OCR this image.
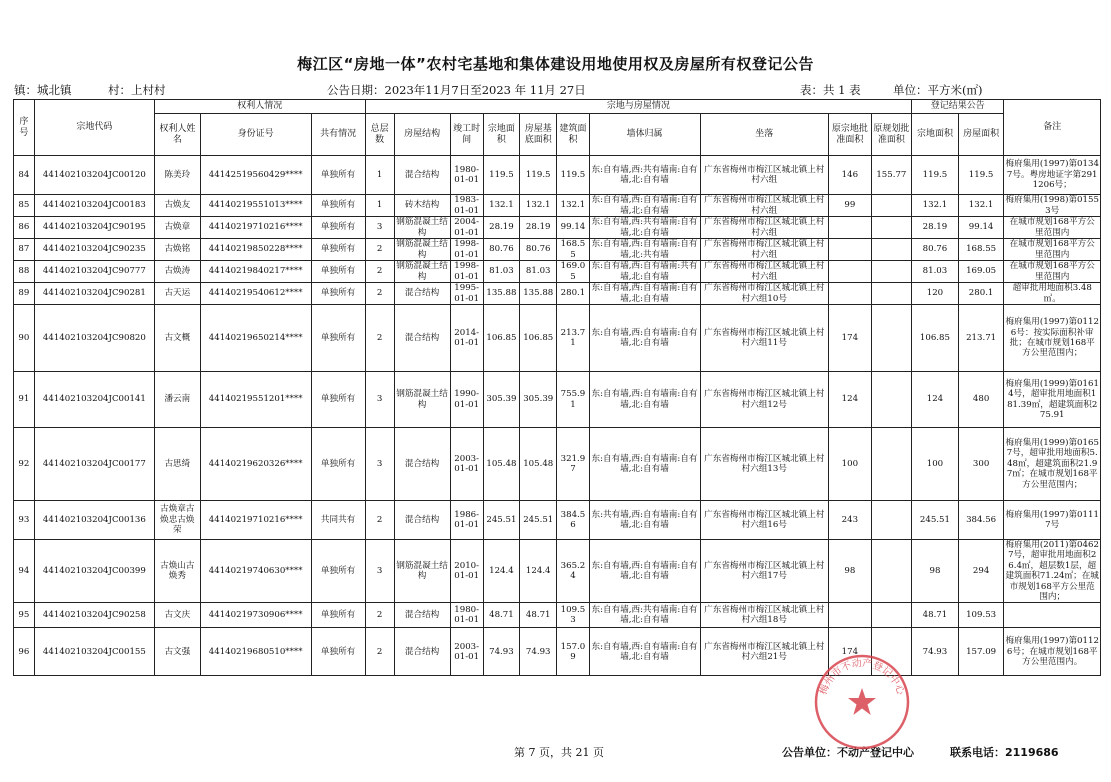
梅江区“房地一体”农村宅基地和集体建设用地使用权及房屋所有权登记公告
镇：城北镇	村：上村村	公告日期：2023年11月7日至2023 年 11月 27日	表：共 1 表	单位：平方米(㎡)
序号	宗地代码	权利人情况			宗地与房屋情况										登记结果公告		备注
		权利人姓名	身份证号	共有情况	总层数	房屋结构	竣工时间	宗地面积	房屋基底面积	建筑面积	墙体归属	坐落	原宗地批准面积	原规划批准面积	宗地面积	房屋面积	
84	441402103204JC00120	陈美玲	44142519560429****	单独所有	1	混合结构	1980-01-01	119.5	119.5	119.5	东:自有墙,西:共有墙南:自有墙,北:自有墙	广东省梅州市梅江区城北镇上村村六组	146	155.77	119.5	119.5	梅府集用(1997)第01347号。粤房地证字第2911206号；
85	441402103204JC00183	古焕友	44140219551013****	单独所有	1	砖木结构	1983-01-01	132.1	132.1	132.1	东:自有墙,西:自有墙南:自有墙,北:自有墙	广东省梅州市梅江区城北镇上村村六组	99		132.1	132.1	梅府集用(1998)第01553号
86	441402103204JC90195	古焕章	44140219710216****	单独所有	3	钢筋混凝土结构	2004-01-01	28.19	28.19	99.14	东:自有墙,西:共有墙南:自有墙,北:自有墙	广东省梅州市梅江区城北镇上村村六组			28.19	99.14	在城市规划168平方公里范围内
87	441402103204JC90235	古焕铭	44140219850228****	单独所有	2	钢筋混凝土结构	1998-01-01	80.76	80.76	168.55	东:自有墙,西:自有墙南:自有墙,北:共有墙	广东省梅州市梅江区城北镇上村村六组			80.76	168.55	在城市规划168平方公里范围内
88	441402103204JC90777	古焕涛	44140219840217****	单独所有	2	钢筋混凝土结构	1998-01-01	81.03	81.03	169.05	东:自有墙,西:自有墙南:共有墙,北:自有墙	广东省梅州市梅江区城北镇上村村六组			81.03	169.05	在城市规划168平方公里范围内
89	441402103204JC90281	古天运	44140219540612****	单独所有	2	混合结构	1995-01-01	135.88	135.88	280.1	东:自有墙,西:自有墙南:自有墙,北:自有墙	广东省梅州市梅江区城北镇上村村六组10号			120	280.1	超审批用地面积3.48㎡。
90	441402103204JC90820	古文概	44140219650214****	单独所有	2	混合结构	2014-01-01	106.85	106.85	213.71	东:自有墙,西:自有墙南:自有墙,北:自有墙	广东省梅州市梅江区城北镇上村村六组11号	174		106.85	213.71	梅府集用(1997)第01126号：按实际面积补审批；在城市规划168平方公里范围内；
91	441402103204JC00141	潘云南	44140219551201****	单独所有	3	钢筋混凝土结构	1990-01-01	305.39	305.39	755.91	东:自有墙,西:自有墙南:自有墙,北:自有墙	广东省梅州市梅江区城北镇上村村六组12号	124		124	480	梅府集用(1999)第01614号，超审批用地面积181.39㎡，超建筑面积275.91
92	441402103204JC00177	古思绮	44140219620326****	单独所有	3	混合结构	2003-01-01	105.48	105.48	321.97	东:自有墙,西:自有墙南:自有墙,北:自有墙	广东省梅州市梅江区城北镇上村村六组13号	100		100	300	梅府集用(1999)第01657号，超审批用地面积5.48㎡，超建筑面积21.97㎡；在城市规划168平方公里范围内；
93	441402103204JC00136	古焕章古焕忠古焕荣	44140219710216****	共同共有	2	混合结构	1986-01-01	245.51	245.51	384.56	东:共有墙,西:自有墙南:自有墙,北:自有墙	广东省梅州市梅江区城北镇上村村六组16号	243		245.51	384.56	梅府集用(1997)第01117号
94	441402103204JC00399	古焕山古焕秀	44140219740630****	单独所有	3	钢筋混凝土结构	2010-01-01	124.4	124.4	365.24	东:自有墙,西:自有墙南:自有墙,北:自有墙	广东省梅州市梅江区城北镇上村村六组17号	98		98	294	梅府集用(2011)第04627号，超审批用地面积26.4㎡，超层数1层，超建筑面积71.24㎡；在城市规划168平方公里范围内；
95	441402103204JC90258	古文庆	44140219730906****	单独所有	2	混合结构	1980-01-01	48.71	48.71	109.53	东:自有墙,西:共有墙南:自有墙,北:自有墙	广东省梅州市梅江区城北镇上村村六组18号			48.71	109.53	
96	441402103204JC00155	古文强	44140219680510****	单独所有	2	混合结构	2003-01-01	74.93	74.93	157.09	东:自有墙,西:自有墙南:自有墙,北:自有墙	广东省梅州市梅江区城北镇上村村六组21号	174		74.93	157.09	梅府集用(1997)第01126号；在城市规划168平方公里范围内。
第 7 页，共 21 页	公告单位：不动产登记中心	联系电话：2119686
梅州市不动产登记中心
